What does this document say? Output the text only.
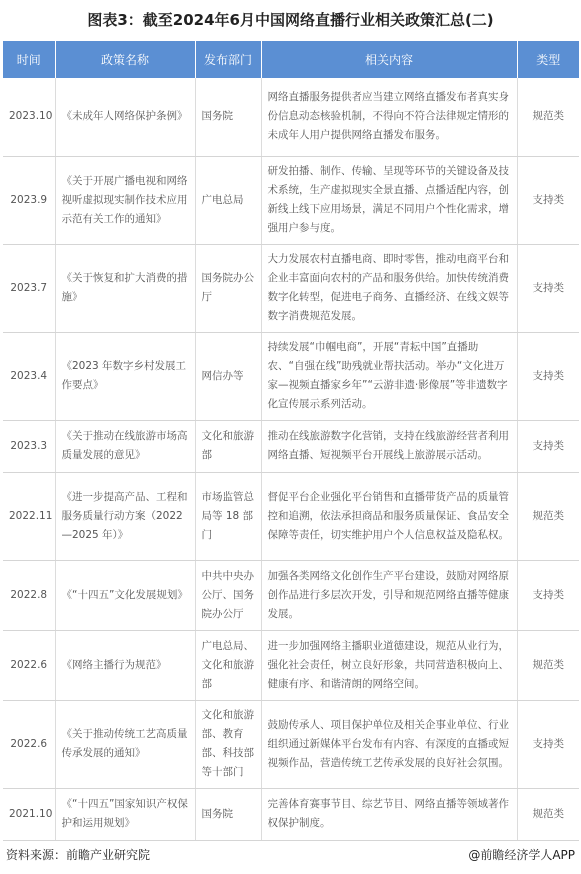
图表3：截至2024年6月中国网络直播行业相关政策汇总(二)
时间	政策名称	发布部门	相关内容	类型
2023.10	《未成年人网络保护条例》	国务院	网络直播服务提供者应当建立网络直播发布者真实身份信息动态核验机制，不得向不符合法律规定情形的未成年人用户提供网络直播发布服务。	规范类
2023.9	《关于开展广播电视和网络视听虚拟现实制作技术应用示范有关工作的通知》	广电总局	研发拍播、制作、传输、呈现等环节的关键设备及技术系统，生产虚拟现实全景直播、点播适配内容，创新线上线下应用场景，满足不同用户个性化需求，增强用户参与度。	支持类
2023.7	《关于恢复和扩大消费的措施》	国务院办公厅	大力发展农村直播电商、即时零售，推动电商平台和企业丰富面向农村的产品和服务供给。加快传统消费数字化转型，促进电子商务、直播经济、在线文娱等数字消费规范发展。	支持类
2023.4	《2023 年数字乡村发展工作要点》	网信办等	持续发展“巾帼电商”，开展“青耘中国”直播助农、“自强在线”助残就业帮扶活动。举办“文化进万家—视频直播家乡年”“云游非遗·影像展”等非遗数字化宣传展示系列活动。	支持类
2023.3	《关于推动在线旅游市场高质量发展的意见》	文化和旅游部	推动在线旅游数字化营销，支持在线旅游经营者利用网络直播、短视频平台开展线上旅游展示活动。	支持类
2022.11	《进一步提高产品、工程和服务质量行动方案（2022—2025 年）》	市场监管总局等 18 部门	督促平台企业强化平台销售和直播带货产品的质量管控和追溯，依法承担商品和服务质量保证、食品安全保障等责任，切实维护用户个人信息权益及隐私权。	规范类
2022.8	《“十四五”文化发展规划》	中共中央办公厅、国务院办公厅	加强各类网络文化创作生产平台建设，鼓励对网络原创作品进行多层次开发，引导和规范网络直播等健康发展。	支持类
2022.6	《网络主播行为规范》	广电总局、文化和旅游部	进一步加强网络主播职业道德建设，规范从业行为，强化社会责任，树立良好形象，共同营造积极向上、健康有序、和谐清朗的网络空间。	规范类
2022.6	《关于推动传统工艺高质量传承发展的通知》	文化和旅游部、教育部、科技部等十部门	鼓励传承人、项目保护单位及相关企事业单位、行业组织通过新媒体平台发布有内容、有深度的直播或短视频作品，营造传统工艺传承发展的良好社会氛围。	支持类
2021.10	《“十四五”国家知识产权保护和运用规划》	国务院	完善体育赛事节目、综艺节目、网络直播等领域著作权保护制度。	规范类
资料来源：前瞻产业研究院	@前瞻经济学人APP
